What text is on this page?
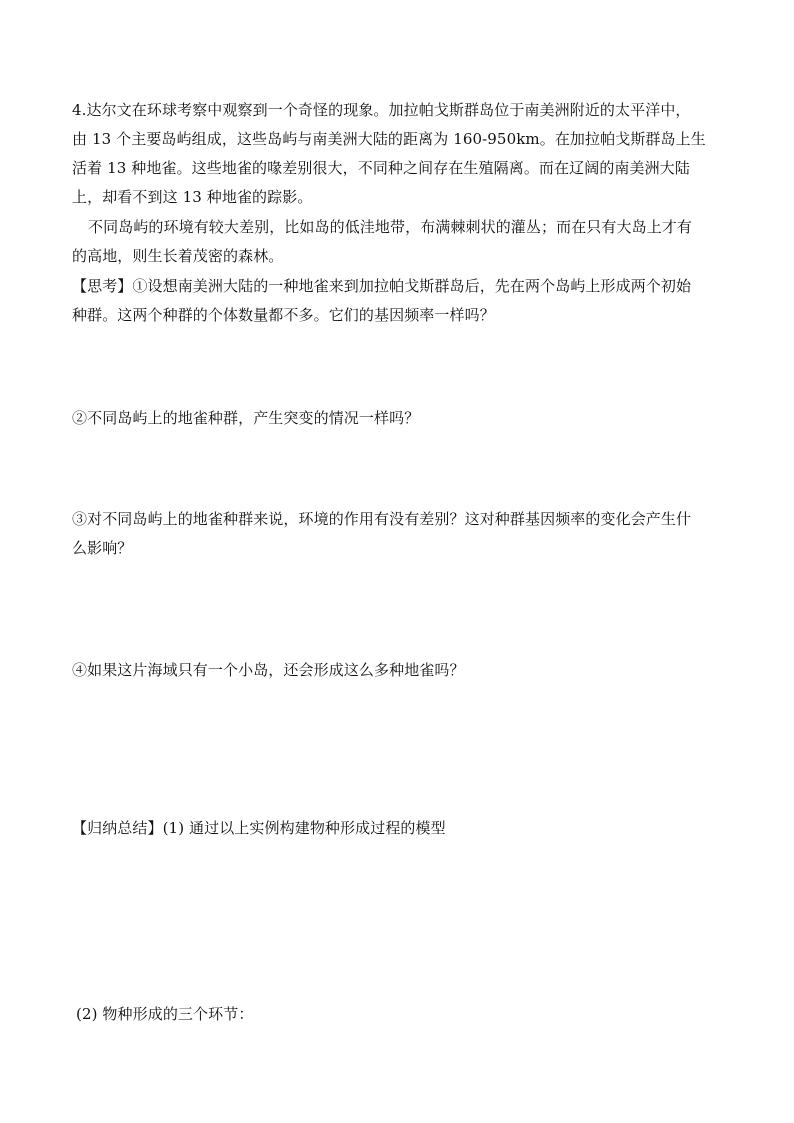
4.达尔文在环球考察中观察到一个奇怪的现象。加拉帕戈斯群岛位于南美洲附近的太平洋中，
由 13 个主要岛屿组成，这些岛屿与南美洲大陆的距离为 160-950km。在加拉帕戈斯群岛上生
活着 13 种地雀。这些地雀的喙差别很大，不同种之间存在生殖隔离。而在辽阔的南美洲大陆
上，却看不到这 13 种地雀的踪影。
不同岛屿的环境有较大差别，比如岛的低洼地带，布满棘刺状的灌丛；而在只有大岛上才有
的高地，则生长着茂密的森林。
【思考】①设想南美洲大陆的一种地雀来到加拉帕戈斯群岛后，先在两个岛屿上形成两个初始
种群。这两个种群的个体数量都不多。它们的基因频率一样吗？
②不同岛屿上的地雀种群，产生突变的情况一样吗？
③对不同岛屿上的地雀种群来说，环境的作用有没有差别？这对种群基因频率的变化会产生什
么影响？
④如果这片海域只有一个小岛，还会形成这么多种地雀吗？
【归纳总结】(1) 通过以上实例构建物种形成过程的模型
(2) 物种形成的三个环节：
